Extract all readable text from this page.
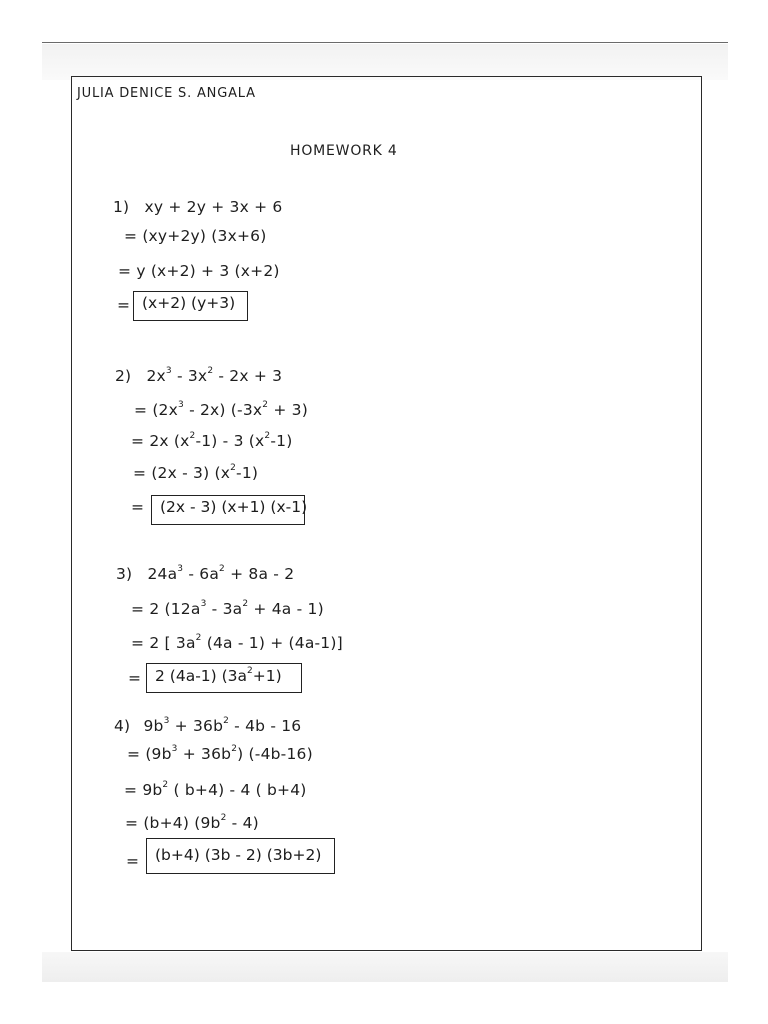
JULIA DENICE S. ANGALA
HOMEWORK 4
1) xy + 2y + 3x + 6
= (xy+2y) (3x+6)
= y (x+2) + 3 (x+2)
= (x+2) (y+3)
2) $2x^3 - 3x^2 - 2x + 3$
= $(2x^3 - 2x) (-3x^2 + 3)$
= 2x $(x^2-1) - 3$ $(x^2-1)$
= (2x - 3) $(x^2-1)$
=	(2x - 3) (x+1) (x-1)
3) $24a^3 - 6a^2 + 8a - 2$
= 2 $(12a^3 - 3a^2 + 4a - 1)$
= 2 [ $3a^2$ (4a - 1) + (4a-1)]
= 2 (4a-1) $(3a^2+1)$
4) $9b^3 + 36b^2 - 4b - 16$
= $(9b^3 + 36b^2)$ (-4b-16)
= $9b^2$ ( b+4) - 4 ( b+4)
= (b+4) $(9b^2 - 4)$
=	(b+4) (3b - 2) (3b+2)
